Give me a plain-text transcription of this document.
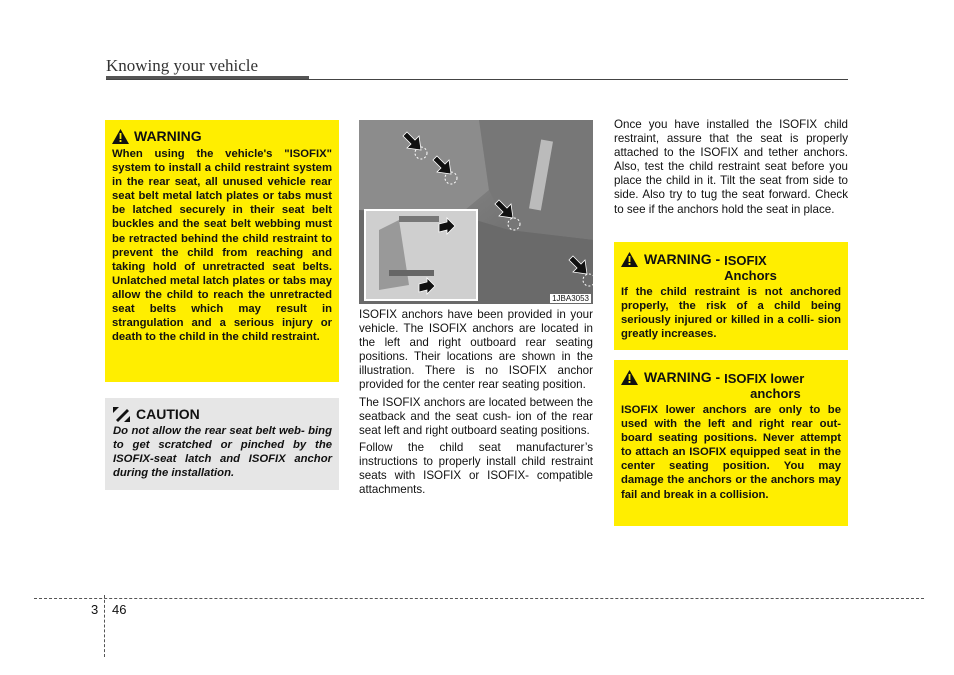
Knowing your vehicle
WARNING
When using the vehicle's "ISOFIX" system to install a child restraint system in the rear seat, all unused vehicle rear seat belt metal latch plates or tabs must be latched securely in their seat belt buckles and the seat belt webbing must be retracted behind the child restraint to prevent the child from reaching and taking hold of unretracted seat belts. Unlatched metal latch plates or tabs may allow the child to reach the unretracted seat belts which may result in strangulation and a serious injury or death to the child in the child restraint.
CAUTION
Do not allow the rear seat belt web- bing to get scratched or pinched by the ISOFIX-seat latch and ISOFIX anchor during the installation.
1JBA3053

ISOFIX anchors have been provided in your vehicle. The ISOFIX anchors are located in the left and right outboard rear seating positions. Their locations are shown in the illustration. There is no ISOFIX anchor provided for the center rear seating position.

The ISOFIX anchors are located between the seatback and the seat cush- ion of the rear seat left and right outboard seating positions.

Follow the child seat manufacturer’s instructions to properly install child restraint seats with ISOFIX or ISOFIX- compatible attachments.

Once you have installed the ISOFIX child restraint, assure that the seat is properly attached to the ISOFIX and tether anchors. Also, test the child restraint seat before you place the child in it. Tilt the seat from side to side. Also try to tug the seat forward. Check to see if the anchors hold the seat in place.

WARNING - ISOFIX
Anchors
If the child restraint is not anchored properly, the risk of a child being seriously injured or killed in a colli- sion greatly increases.
WARNING - ISOFIX lower
anchors
ISOFIX lower anchors are only to be used with the left and right rear out- board seating positions. Never attempt to attach an ISOFIX equipped seat in the center seating position. You may damage the anchors or the anchors may fail and break in a collision.
3 46
